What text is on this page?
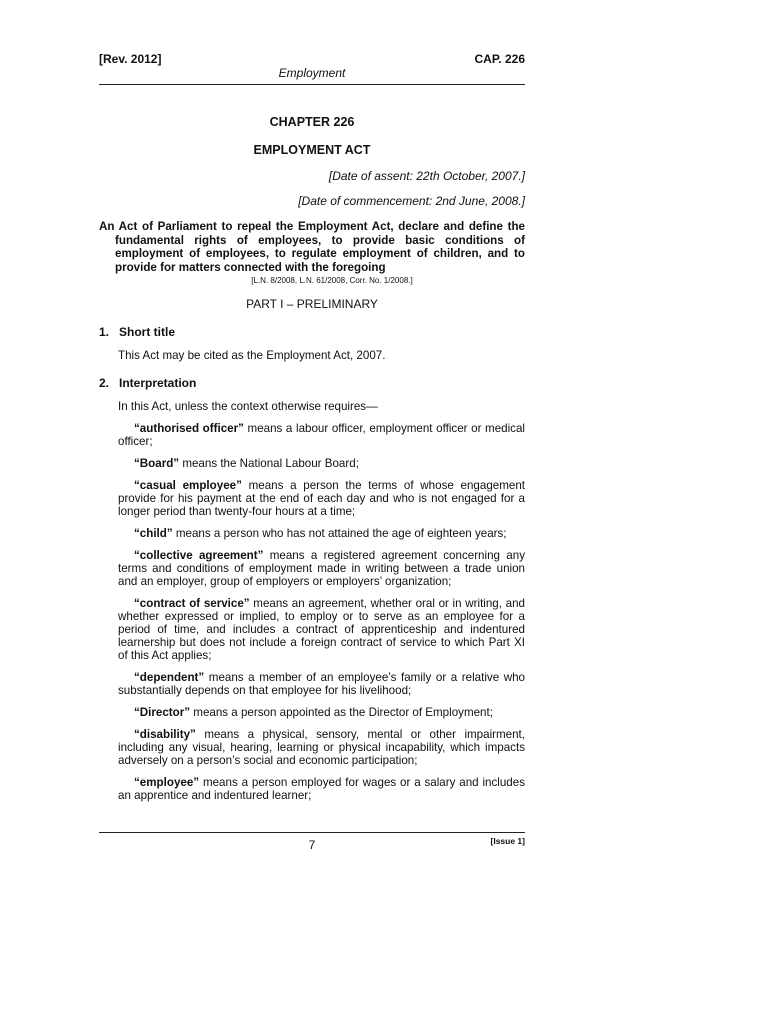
[Rev. 2012]	CAP. 226
Employment
CHAPTER 226
EMPLOYMENT ACT
[Date of assent: 22th October, 2007.]
[Date of commencement: 2nd June, 2008.]
An Act of Parliament to repeal the Employment Act, declare and define the fundamental rights of employees, to provide basic conditions of employment of employees, to regulate employment of children, and to provide for matters connected with the foregoing
[L.N. 8/2008, L.N. 61/2008, Corr. No. 1/2008.]
PART I – PRELIMINARY
1. Short title
This Act may be cited as the Employment Act, 2007.
2. Interpretation
In this Act, unless the context otherwise requires—
“authorised officer” means a labour officer, employment officer or medical officer;
“Board” means the National Labour Board;
“casual employee” means a person the terms of whose engagement provide for his payment at the end of each day and who is not engaged for a longer period than twenty-four hours at a time;
“child” means a person who has not attained the age of eighteen years;
“collective agreement” means a registered agreement concerning any terms and conditions of employment made in writing between a trade union and an employer, group of employers or employers’ organization;
“contract of service” means an agreement, whether oral or in writing, and whether expressed or implied, to employ or to serve as an employee for a period of time, and includes a contract of apprenticeship and indentured learnership but does not include a foreign contract of service to which Part XI of this Act applies;
“dependent” means a member of an employee’s family or a relative who substantially depends on that employee for his livelihood;
“Director” means a person appointed as the Director of Employment;
“disability” means a physical, sensory, mental or other impairment, including any visual, hearing, learning or physical incapability, which impacts adversely on a person’s social and economic participation;
“employee” means a person employed for wages or a salary and includes an apprentice and indentured learner;
7	[Issue 1]
